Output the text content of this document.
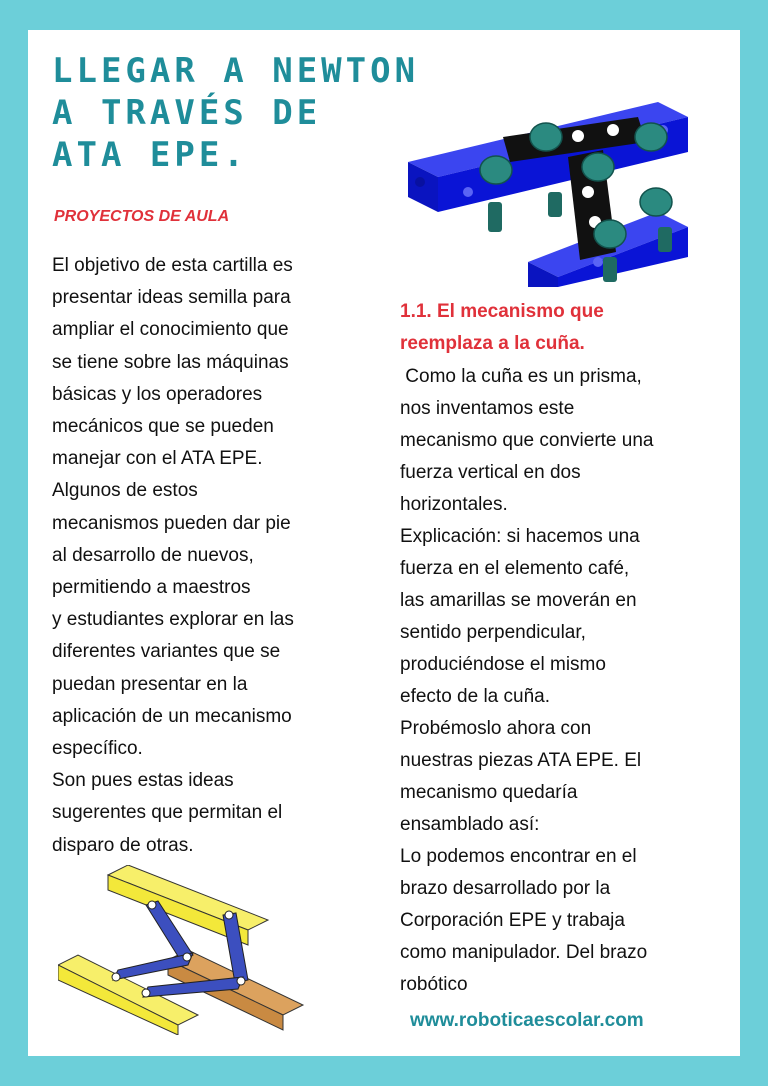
LLEGAR A NEWTON
A TRAVÉS DE
ATA EPE.
PROYECTOS DE AULA

El objetivo de esta cartilla es

presentar ideas semilla para

ampliar el conocimiento que

se tiene sobre las máquinas

básicas y los operadores

mecánicos que se pueden

manejar con el ATA EPE.

Algunos de estos

mecanismos pueden dar pie

al desarrollo de nuevos,

permitiendo a maestros

y estudiantes explorar en las

diferentes variantes que se

puedan presentar en la

aplicación de un mecanismo

específico.

Son pues estas ideas

sugerentes que permitan el

disparo de otras.

1.1. El mecanismo que
reemplaza a la cuña.

Como la cuña es un prisma,

nos inventamos este

mecanismo que convierte una

fuerza vertical en dos

horizontales.

Explicación: si hacemos una

fuerza en el elemento café,

las amarillas se moverán en

sentido perpendicular,

produciéndose el mismo

efecto de la cuña.

Probémoslo ahora con

nuestras piezas ATA EPE. El

mecanismo quedaría

ensamblado así:

Lo podemos encontrar en el

brazo desarrollado por la

Corporación EPE y trabaja

como manipulador. Del brazo

robótico

www.roboticaescolar.com
